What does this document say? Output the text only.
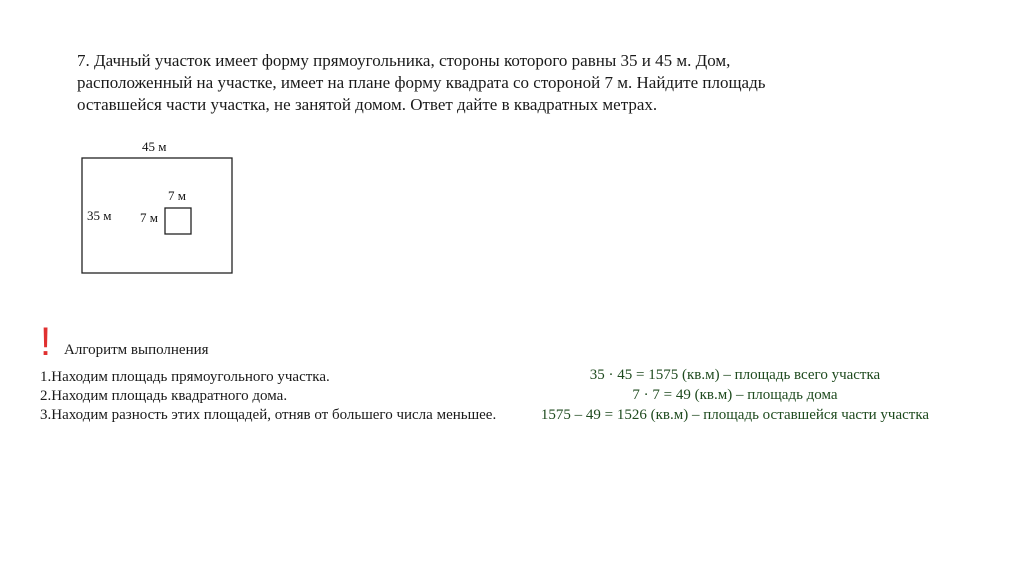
7. Дачный участок имеет форму прямоугольника, стороны которого равны 35 и 45 м. Дом,
расположенный на участке, имеет на плане форму квадрата со стороной 7 м. Найдите площадь
оставшейся части участка, не занятой домом. Ответ дайте в квадратных метрах.
45 м
35 м
7 м
7 м
! Алгоритм выполнения
1.Находим площадь прямоугольного участка.
2.Находим площадь квадратного дома.
3.Находим разность этих площадей, отняв от большего числа меньшее.
35 · 45 = 1575 (кв.м) – площадь всего участка
7 · 7 = 49 (кв.м) – площадь дома
1575 – 49 = 1526 (кв.м) – площадь оставшейся части участка
